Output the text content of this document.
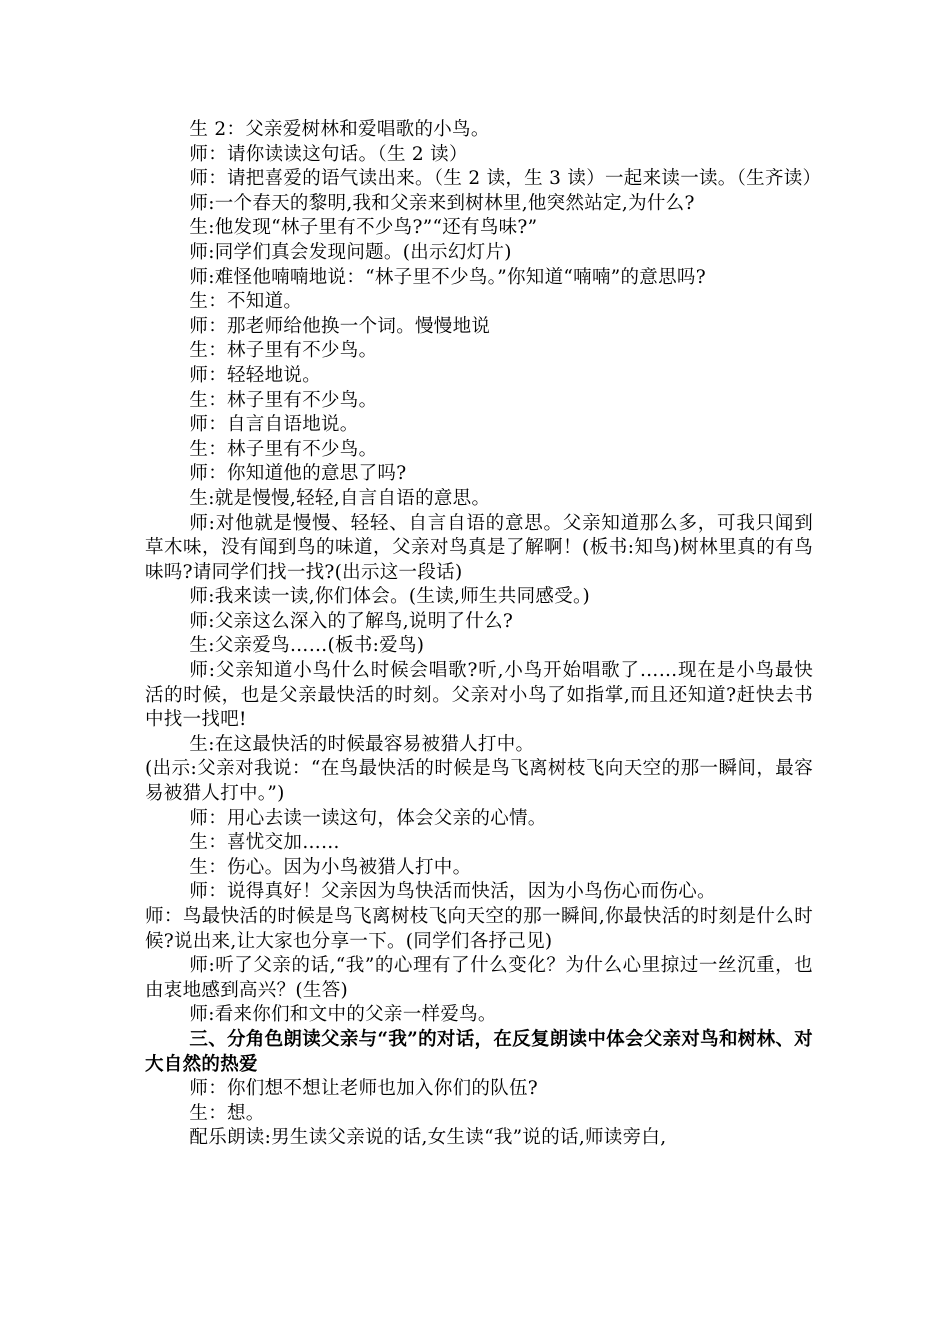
生 2：父亲爱树林和爱唱歌的小鸟。

师：请你读读这句话。（生 2 读）

师：请把喜爱的语气读出来。（生 2 读，生 3 读）一起来读一读。（生齐读）

师:一个春天的黎明,我和父亲来到树林里,他突然站定,为什么?

生:他发现“林子里有不少鸟?”“还有鸟味?”

师:同学们真会发现问题。(出示幻灯片)

师:难怪他喃喃地说：“林子里不少鸟。”你知道“喃喃”的意思吗?

生：不知道。

师：那老师给他换一个词。慢慢地说

生：林子里有不少鸟。

师：轻轻地说。

生：林子里有不少鸟。

师：自言自语地说。

生：林子里有不少鸟。

师：你知道他的意思了吗?

生:就是慢慢,轻轻,自言自语的意思。

师:对他就是慢慢、轻轻、自言自语的意思。父亲知道那么多，可我只闻到草木味，没有闻到鸟的味道，父亲对鸟真是了解啊！(板书:知鸟)树林里真的有鸟味吗?请同学们找一找?(出示这一段话)

师:我来读一读,你们体会。(生读,师生共同感受。)

师:父亲这么深入的了解鸟,说明了什么?

生:父亲爱鸟……(板书:爱鸟)

师:父亲知道小鸟什么时候会唱歌?听,小鸟开始唱歌了……现在是小鸟最快活的时候，也是父亲最快活的时刻。父亲对小鸟了如指掌,而且还知道?赶快去书中找一找吧!

生:在这最快活的时候最容易被猎人打中。

(出示:父亲对我说：“在鸟最快活的时候是鸟飞离树枝飞向天空的那一瞬间，最容易被猎人打中。”)

师：用心去读一读这句，体会父亲的心情。

生：喜忧交加……

生：伤心。因为小鸟被猎人打中。

师：说得真好！父亲因为鸟快活而快活，因为小鸟伤心而伤心。

师：鸟最快活的时候是鸟飞离树枝飞向天空的那一瞬间,你最快活的时刻是什么时候?说出来,让大家也分享一下。(同学们各抒己见)

师:听了父亲的话,“我”的心理有了什么变化？为什么心里掠过一丝沉重，也由衷地感到高兴？(生答)

师:看来你们和文中的父亲一样爱鸟。

三、分角色朗读父亲与“我”的对话，在反复朗读中体会父亲对鸟和树林、对大自然的热爱

师：你们想不想让老师也加入你们的队伍?

生：想。

配乐朗读:男生读父亲说的话,女生读“我”说的话,师读旁白,
